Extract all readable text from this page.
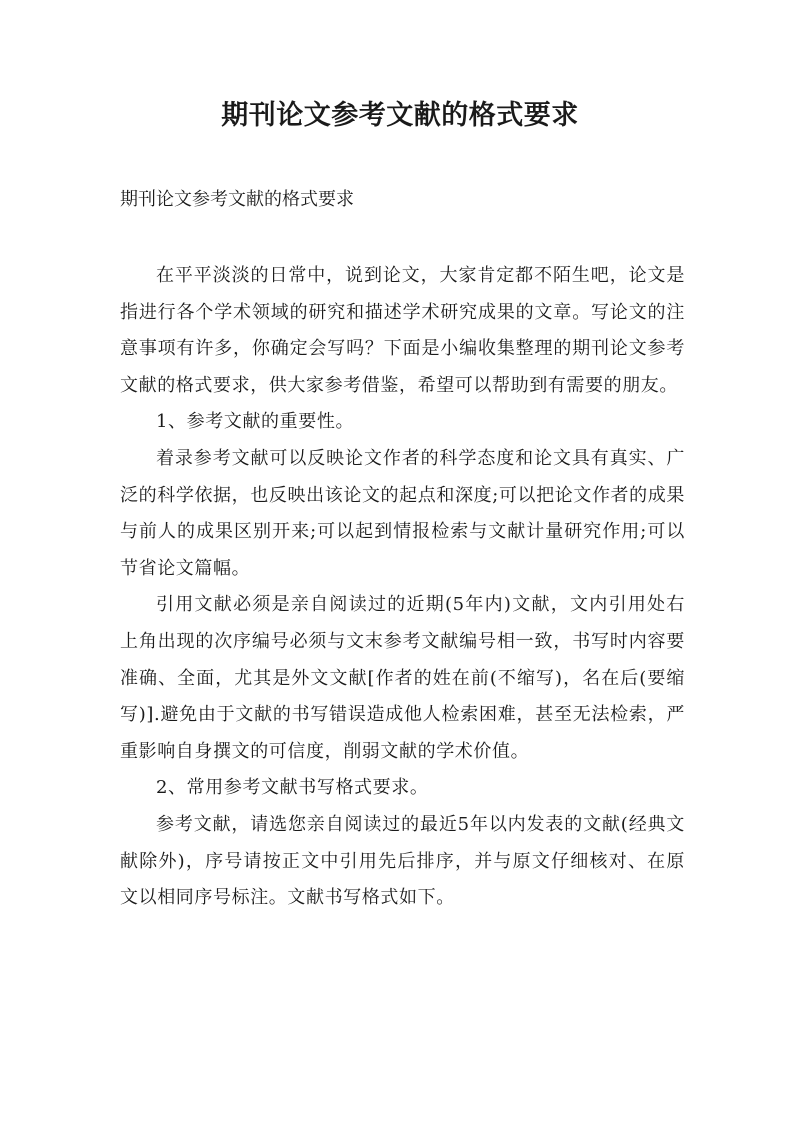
期刊论文参考文献的格式要求

期刊论文参考文献的格式要求

在平平淡淡的日常中，说到论文，大家肯定都不陌生吧，论文是指进行各个学术领域的研究和描述学术研究成果的文章。写论文的注意事项有许多，你确定会写吗？下面是小编收集整理的期刊论文参考文献的格式要求，供大家参考借鉴，希望可以帮助到有需要的朋友。

1、参考文献的重要性。

着录参考文献可以反映论文作者的科学态度和论文具有真实、广泛的科学依据，也反映出该论文的起点和深度;可以把论文作者的成果与前人的成果区别开来;可以起到情报检索与文献计量研究作用;可以节省论文篇幅。

引用文献必须是亲自阅读过的近期(5年内)文献，文内引用处右上角出现的次序编号必须与文末参考文献编号相一致，书写时内容要准确、全面，尤其是外文文献[作者的姓在前(不缩写)，名在后(要缩写)].避免由于文献的书写错误造成他人检索困难，甚至无法检索，严重影响自身撰文的可信度，削弱文献的学术价值。

2、常用参考文献书写格式要求。

参考文献，请选您亲自阅读过的最近5年以内发表的文献(经典文献除外)，序号请按正文中引用先后排序，并与原文仔细核对、在原文以相同序号标注。文献书写格式如下。
